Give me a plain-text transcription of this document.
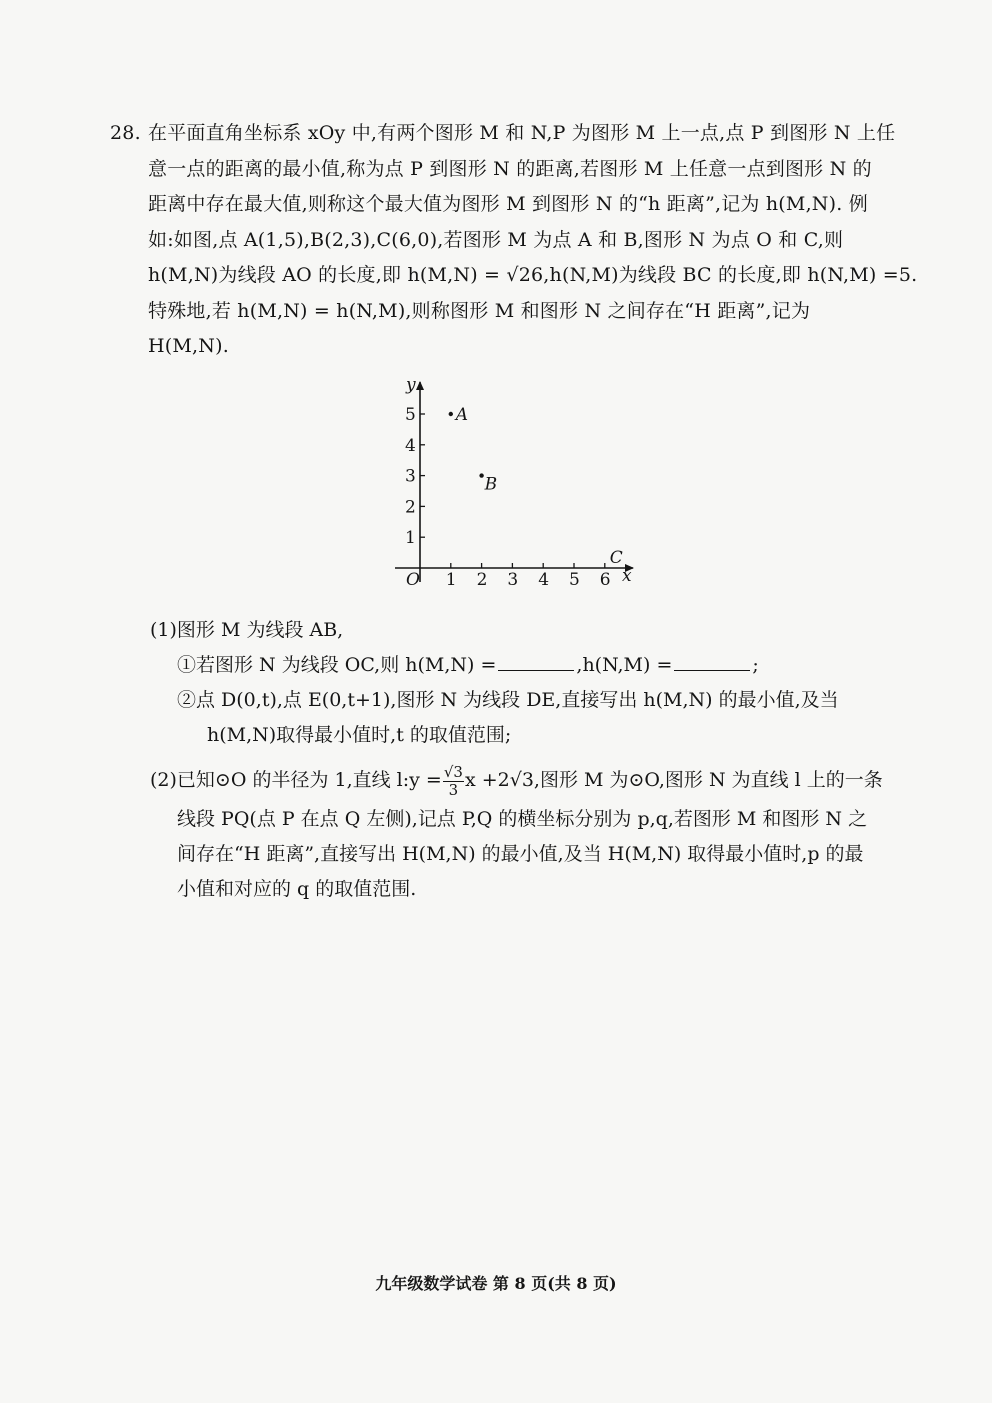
28. 在平面直角坐标系 xOy 中,有两个图形 M 和 N,P 为图形 M 上一点,点 P 到图形 N 上任
意一点的距离的最小值,称为点 P 到图形 N 的距离,若图形 M 上任意一点到图形 N 的
距离中存在最大值,则称这个最大值为图形 M 到图形 N 的“h 距离”,记为 h(M,N). 例
如:如图,点 A(1,5),B(2,3),C(6,0),若图形 M 为点 A 和 B,图形 N 为点 O 和 C,则
h(M,N)为线段 AO 的长度,即 h(M,N) = √26,h(N,M)为线段 BC 的长度,即 h(N,M) =5.
特殊地,若 h(M,N) = h(N,M),则称图形 M 和图形 N 之间存在“H 距离”,记为
H(M,N).
1 2 3 4 5 6
1
2
3
4
5
O	x
y
A
B
C
(1)图形 M 为线段 AB,
①若图形 N 为线段 OC,则 h(M,N) =	,h(N,M) =	;
②点 D(0,t),点 E(0,t+1),图形 N 为线段 DE,直接写出 h(M,N) 的最小值,及当
h(M,N)取得最小值时,t 的取值范围;
(2)已知⊙O 的半径为 1,直线 l:y = $\frac{√3}{3}$ x +2√3,图形 M 为⊙O,图形 N 为直线 l 上的一条
线段 PQ(点 P 在点 Q 左侧),记点 P,Q 的横坐标分别为 p,q,若图形 M 和图形 N 之
间存在“H 距离”,直接写出 H(M,N) 的最小值,及当 H(M,N) 取得最小值时,p 的最
小值和对应的 q 的取值范围.
九年级数学试卷 第 8 页(共 8 页)
